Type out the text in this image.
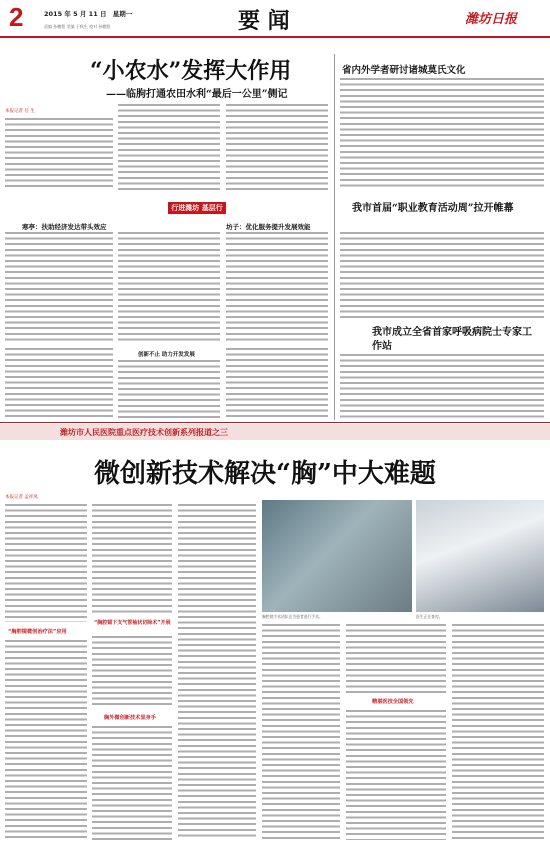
2	2015 年 5 月 11 日 星期一
责编 孙鹏程 美编 于秋生 校对 孙鹏程	要 闻	潍坊日报
“小农水”发挥大作用
——临朐打通农田水利“最后一公里”侧记
本报记者 任 生
行进潍坊 基层行
寒亭：扶助经济发达带头效应	坊子：优化服务提升发展效能
创新不止 助力开发发展
省内外学者研讨诸城莫氏文化
我市首届“职业教育活动周”拉开帷幕
我市成立全省首家呼吸病院士专家工作站
潍坊市人民医院重点医疗技术创新系列报道之三
微创新技术解决“胸”中大难题
本报记者 孟祥凤
“胸腔镜微创治疗法”应用
“胸腔镜下支气管袖状切除术”开展
胸外微创新技术显身手
胸腔镜手术团队在为患者进行手术。	医生正在查房。
精湛医技全国领先
